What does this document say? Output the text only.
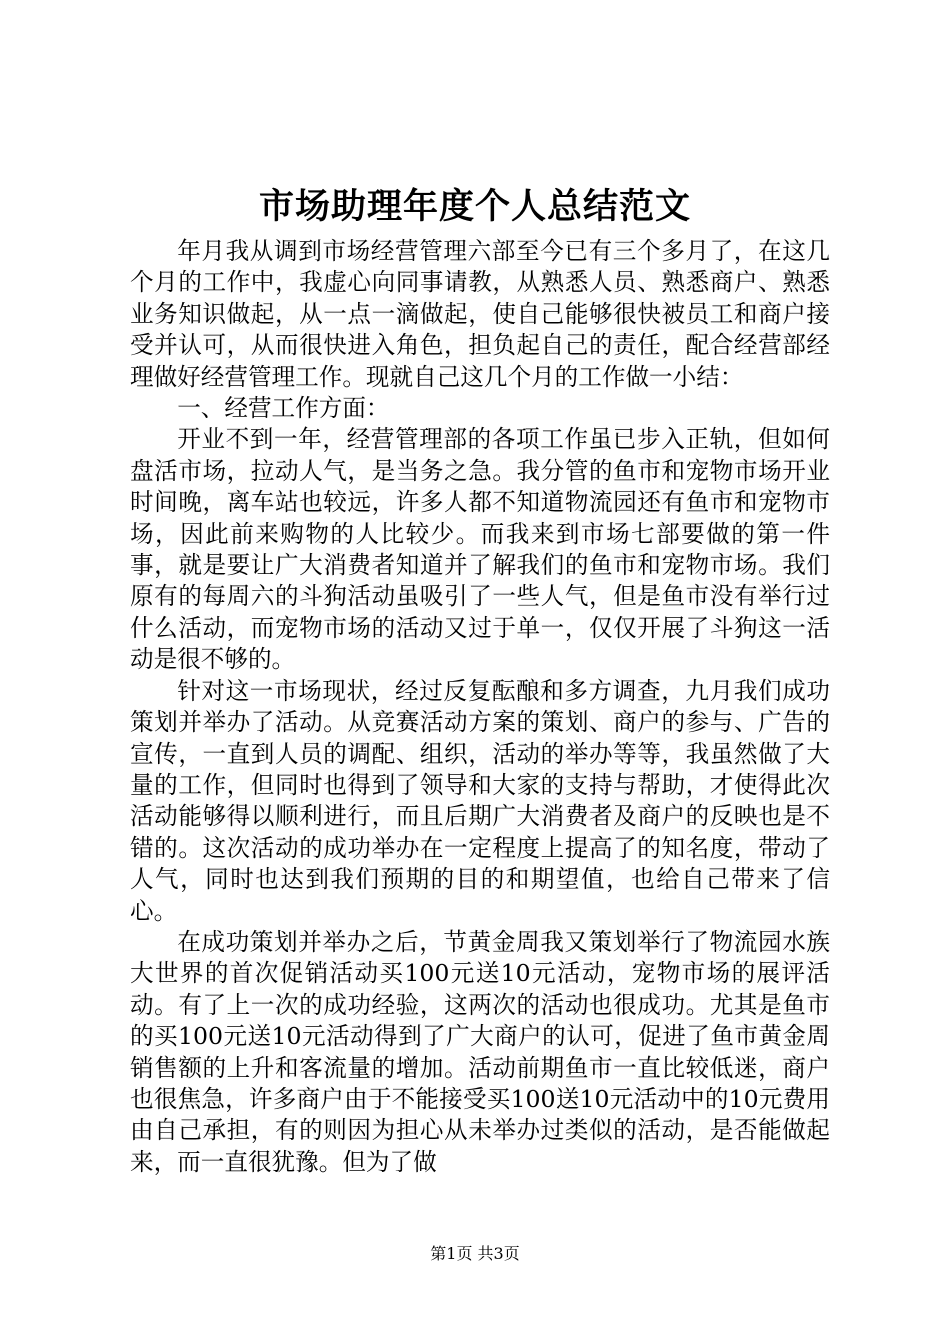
市场助理年度个人总结范文

年月我从调到市场经营管理六部至今已有三个多月了，在这几个月的工作中，我虚心向同事请教，从熟悉人员、熟悉商户、熟悉业务知识做起，从一点一滴做起，使自己能够很快被员工和商户接受并认可，从而很快进入角色，担负起自己的责任，配合经营部经理做好经营管理工作。现就自己这几个月的工作做一小结：

一、经营工作方面：

开业不到一年，经营管理部的各项工作虽已步入正轨，但如何盘活市场，拉动人气，是当务之急。我分管的鱼市和宠物市场开业时间晚，离车站也较远，许多人都不知道物流园还有鱼市和宠物市场，因此前来购物的人比较少。而我来到市场七部要做的第一件事，就是要让广大消费者知道并了解我们的鱼市和宠物市场。我们原有的每周六的斗狗活动虽吸引了一些人气，但是鱼市没有举行过什么活动，而宠物市场的活动又过于单一，仅仅开展了斗狗这一活动是很不够的。

针对这一市场现状，经过反复酝酿和多方调查，九月我们成功策划并举办了活动。从竞赛活动方案的策划、商户的参与、广告的宣传，一直到人员的调配、组织，活动的举办等等，我虽然做了大量的工作，但同时也得到了领导和大家的支持与帮助，才使得此次活动能够得以顺利进行，而且后期广大消费者及商户的反映也是不错的。这次活动的成功举办在一定程度上提高了的知名度，带动了人气，同时也达到我们预期的目的和期望值，也给自己带来了信心。

在成功策划并举办之后，节黄金周我又策划举行了物流园水族大世界的首次促销活动买100元送10元活动，宠物市场的展评活动。有了上一次的成功经验，这两次的活动也很成功。尤其是鱼市的买100元送10元活动得到了广大商户的认可，促进了鱼市黄金周销售额的上升和客流量的增加。活动前期鱼市一直比较低迷，商户也很焦急，许多商户由于不能接受买100送10元活动中的10元费用由自己承担，有的则因为担心从未举办过类似的活动，是否能做起来，而一直很犹豫。但为了做

第1页 共3页
